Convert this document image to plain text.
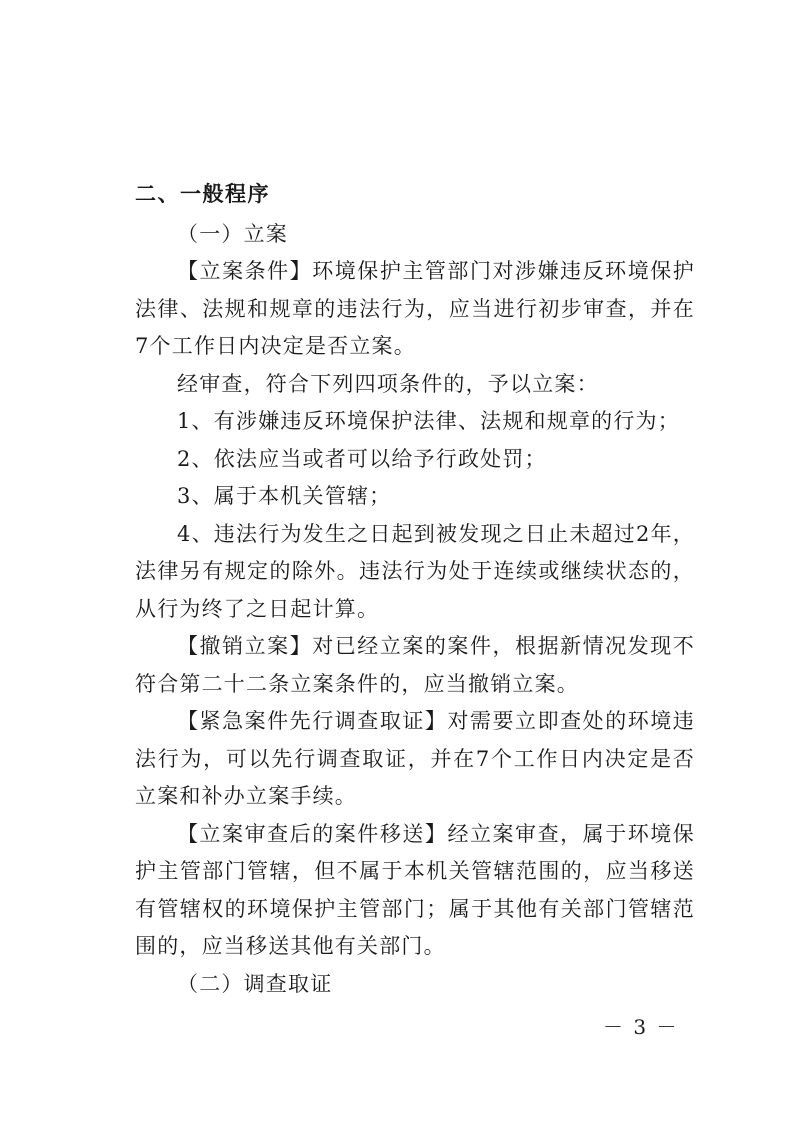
二、一般程序

（一）立案

【立案条件】环境保护主管部门对涉嫌违反环境保护法律、法规和规章的违法行为，应当进行初步审查，并在7个工作日内决定是否立案。

经审查，符合下列四项条件的，予以立案：

1、有涉嫌违反环境保护法律、法规和规章的行为；

2、依法应当或者可以给予行政处罚；

3、属于本机关管辖；

4、违法行为发生之日起到被发现之日止未超过2年，法律另有规定的除外。违法行为处于连续或继续状态的，从行为终了之日起计算。

【撤销立案】对已经立案的案件，根据新情况发现不符合第二十二条立案条件的，应当撤销立案。

【紧急案件先行调查取证】对需要立即查处的环境违法行为，可以先行调查取证，并在7个工作日内决定是否立案和补办立案手续。

【立案审查后的案件移送】经立案审查，属于环境保护主管部门管辖，但不属于本机关管辖范围的，应当移送有管辖权的环境保护主管部门；属于其他有关部门管辖范围的，应当移送其他有关部门。

（二）调查取证

－ 3 －
